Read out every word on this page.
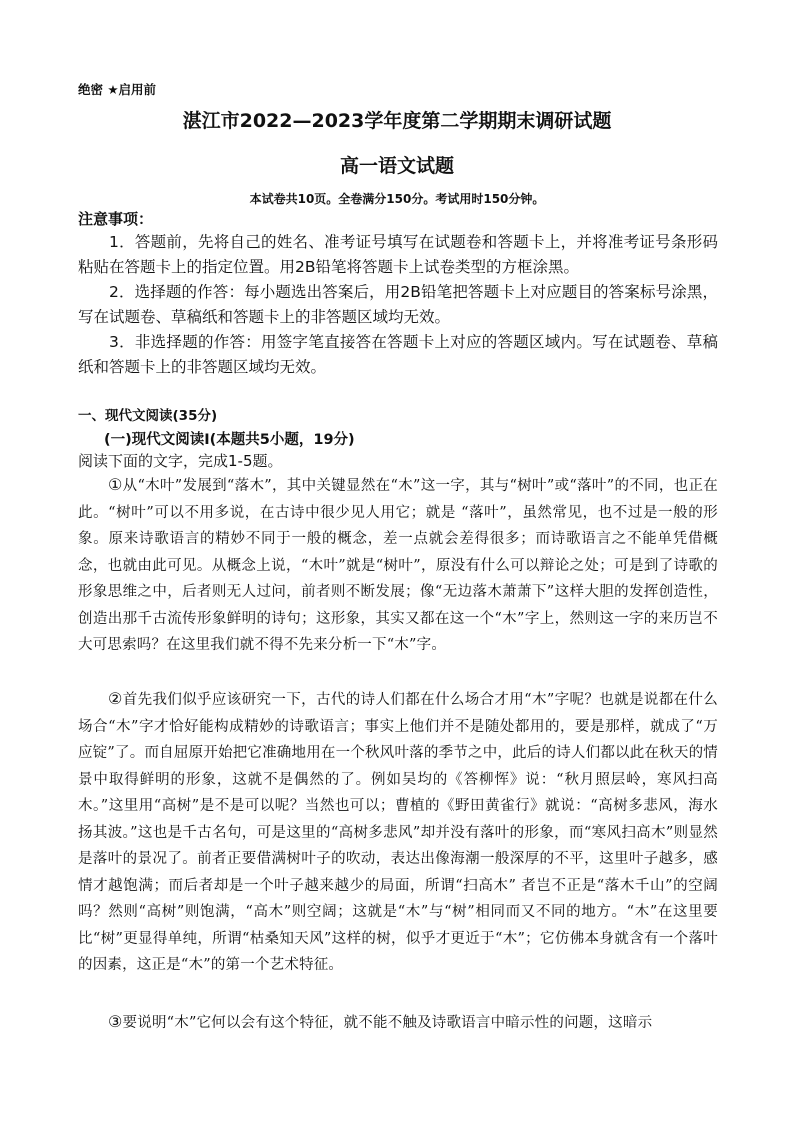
绝密 ★启用前
湛江市2022—2023学年度第二学期期末调研试题
高一语文试题
本试卷共10页。全卷满分150分。考试用时150分钟。
注意事项：

1．答题前，先将自己的姓名、准考证号填写在试题卷和答题卡上，并将准考证号条形码粘贴在答题卡上的指定位置。用2B铅笔将答题卡上试卷类型的方框涂黑。

2．选择题的作答：每小题选出答案后，用2B铅笔把答题卡上对应题目的答案标号涂黑，写在试题卷、草稿纸和答题卡上的非答题区域均无效。

3．非选择题的作答：用签字笔直接答在答题卡上对应的答题区域内。写在试题卷、草稿纸和答题卡上的非答题区域均无效。

一、现代文阅读(35分)
(一)现代文阅读Ⅰ(本题共5小题，19分)
阅读下面的文字，完成1-5题。

①从“木叶”发展到“落木”，其中关键显然在“木”这一字，其与“树叶”或“落叶”的不同，也正在此。“树叶”可以不用多说，在古诗中很少见人用它；就是 “落叶”，虽然常见，也不过是一般的形象。原来诗歌语言的精妙不同于一般的概念，差一点就会差得很多；而诗歌语言之不能单凭借概念，也就由此可见。从概念上说，“木叶”就是“树叶”，原没有什么可以辩论之处；可是到了诗歌的形象思维之中，后者则无人过问，前者则不断发展；像“无边落木萧萧下”这样大胆的发挥创造性，创造出那千古流传形象鲜明的诗句；这形象，其实又都在这一个“木”字上，然则这一字的来历岂不大可思索吗？在这里我们就不得不先来分析一下“木”字。

②首先我们似乎应该研究一下，古代的诗人们都在什么场合才用“木”字呢？也就是说都在什么场合“木”字才恰好能构成精妙的诗歌语言；事实上他们并不是随处都用的，要是那样，就成了“万应锭”了。而自屈原开始把它准确地用在一个秋风叶落的季节之中，此后的诗人们都以此在秋天的情景中取得鲜明的形象，这就不是偶然的了。例如吴均的《答柳恽》说：“秋月照层岭，寒风扫高木。”这里用“高树”是不是可以呢？当然也可以；曹植的《野田黄雀行》就说：“高树多悲风，海水扬其波。”这也是千古名句，可是这里的“高树多悲风”却并没有落叶的形象，而“寒风扫高木”则显然是落叶的景况了。前者正要借满树叶子的吹动，表达出像海潮一般深厚的不平，这里叶子越多，感情才越饱满；而后者却是一个叶子越来越少的局面，所谓“扫高木” 者岂不正是“落木千山”的空阔吗？然则“高树”则饱满，“高木”则空阔；这就是“木”与“树”相同而又不同的地方。“木”在这里要比“树”更显得单纯，所谓“枯桑知天风”这样的树，似乎才更近于“木”；它仿佛本身就含有一个落叶的因素，这正是“木”的第一个艺术特征。

③要说明“木”它何以会有这个特征，就不能不触及诗歌语言中暗示性的问题，这暗示
